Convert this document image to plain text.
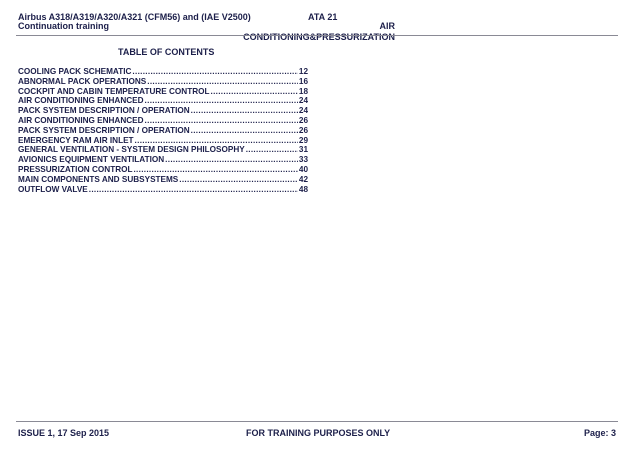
Airbus A318/A319/A320/A321 (CFM56) and (IAE V2500)	ATA 21
Continuation training	AIR CONDITIONING&PRESSURIZATION
TABLE OF CONTENTS
COOLING PACK SCHEMATIC .....	12
ABNORMAL PACK OPERATIONS .....	16
COCKPIT AND CABIN TEMPERATURE CONTROL .....	18
AIR CONDITIONING ENHANCED .....	24
PACK SYSTEM DESCRIPTION / OPERATION .....	24
AIR CONDITIONING ENHANCED .....	26
PACK SYSTEM DESCRIPTION / OPERATION .....	26
EMERGENCY RAM AIR INLET .....	29
GENERAL VENTILATION - SYSTEM DESIGN PHILOSOPHY .....	31
AVIONICS EQUIPMENT VENTILATION .....	33
PRESSURIZATION CONTROL .....	40
MAIN COMPONENTS AND SUBSYSTEMS .....	42
OUTFLOW VALVE .....	48
ISSUE 1, 17 Sep 2015	FOR TRAINING PURPOSES ONLY	Page: 3
